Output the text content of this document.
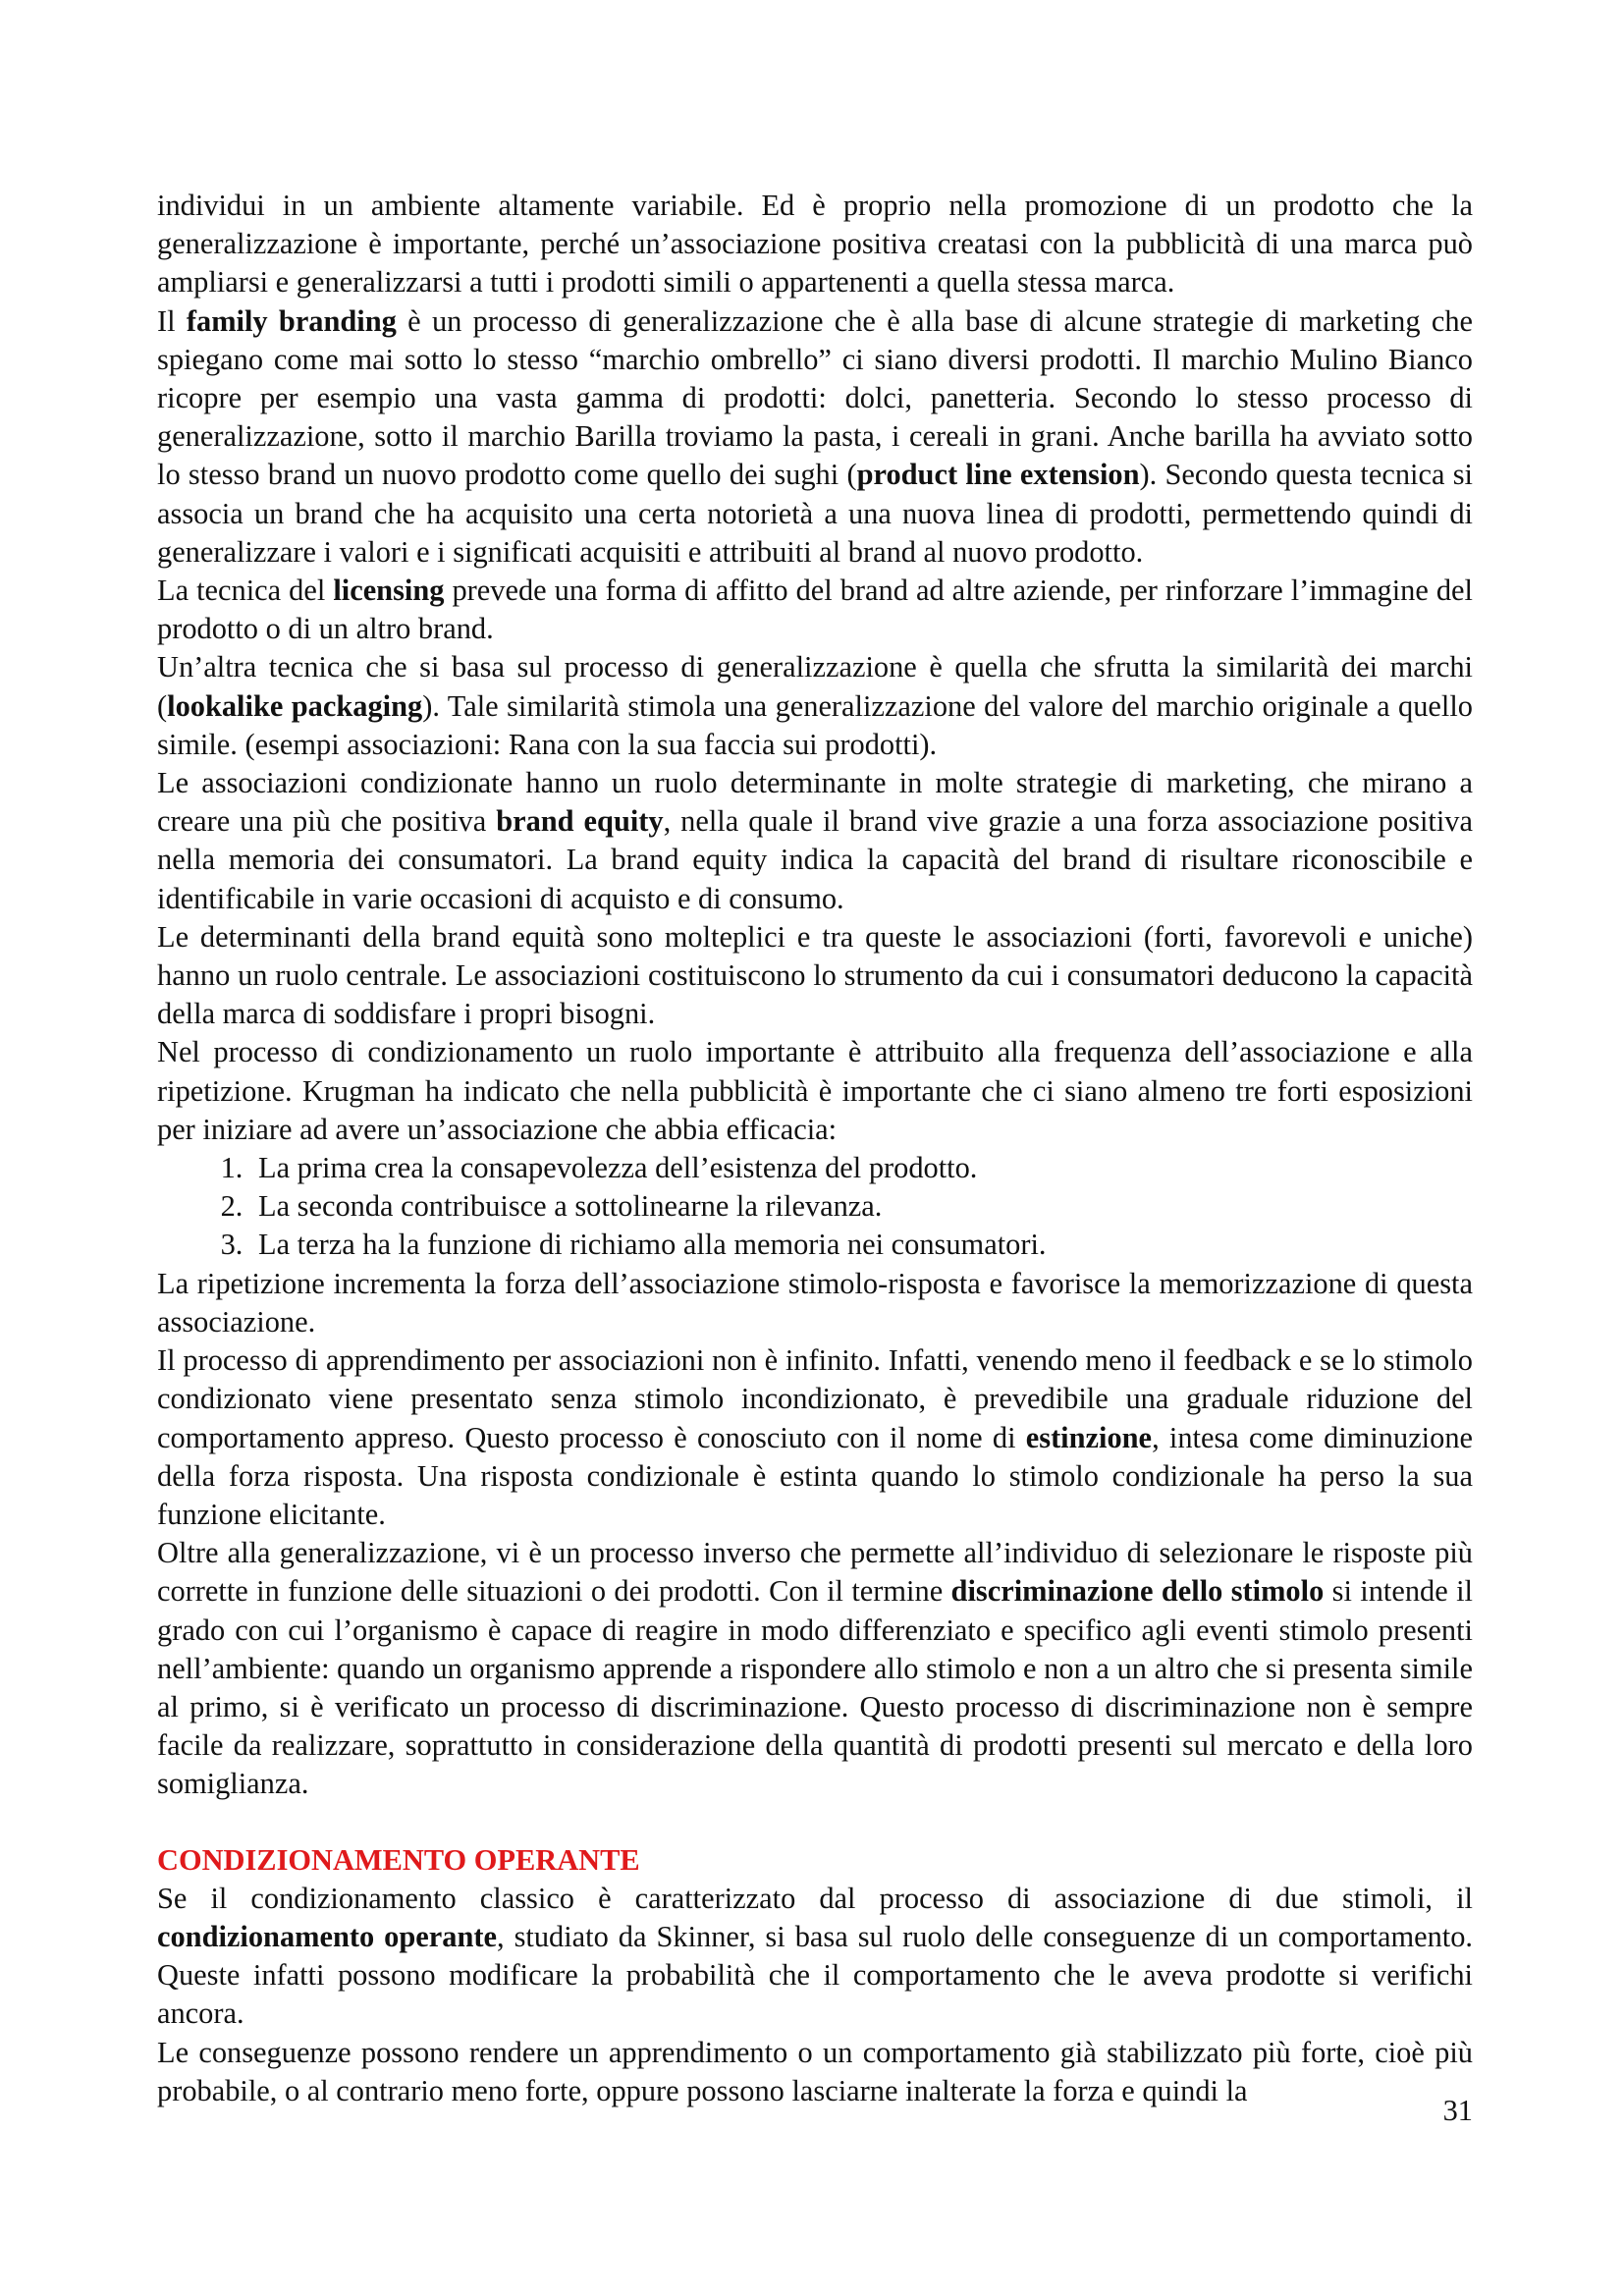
individui in un ambiente altamente variabile. Ed è proprio nella promozione di un prodotto che la generalizzazione è importante, perché un’associazione positiva creatasi con la pubblicità di una marca può ampliarsi e generalizzarsi a tutti i prodotti simili o appartenenti a quella stessa marca.

Il family branding è un processo di generalizzazione che è alla base di alcune strategie di marketing che spiegano come mai sotto lo stesso “marchio ombrello” ci siano diversi prodotti. Il marchio Mulino Bianco ricopre per esempio una vasta gamma di prodotti: dolci, panetteria. Secondo lo stesso processo di generalizzazione, sotto il marchio Barilla troviamo la pasta, i cereali in grani. Anche barilla ha avviato sotto lo stesso brand un nuovo prodotto come quello dei sughi (product line extension). Secondo questa tecnica si associa un brand che ha acquisito una certa notorietà a una nuova linea di prodotti, permettendo quindi di generalizzare i valori e i significati acquisiti e attribuiti al brand al nuovo prodotto.

La tecnica del licensing prevede una forma di affitto del brand ad altre aziende, per rinforzare l’immagine del prodotto o di un altro brand.

Un’altra tecnica che si basa sul processo di generalizzazione è quella che sfrutta la similarità dei marchi (lookalike packaging). Tale similarità stimola una generalizzazione del valore del marchio originale a quello simile. (esempi associazioni: Rana con la sua faccia sui prodotti).

Le associazioni condizionate hanno un ruolo determinante in molte strategie di marketing, che mirano a creare una più che positiva brand equity, nella quale il brand vive grazie a una forza associazione positiva nella memoria dei consumatori. La brand equity indica la capacità del brand di risultare riconoscibile e identificabile in varie occasioni di acquisto e di consumo.

Le determinanti della brand equità sono molteplici e tra queste le associazioni (forti, favorevoli e uniche) hanno un ruolo centrale. Le associazioni costituiscono lo strumento da cui i consumatori deducono la capacità della marca di soddisfare i propri bisogni.

Nel processo di condizionamento un ruolo importante è attribuito alla frequenza dell’associazione e alla ripetizione. Krugman ha indicato che nella pubblicità è importante che ci siano almeno tre forti esposizioni per iniziare ad avere un’associazione che abbia efficacia:

1. La prima crea la consapevolezza dell’esistenza del prodotto.
2. La seconda contribuisce a sottolinearne la rilevanza.
3. La terza ha la funzione di richiamo alla memoria nei consumatori.

La ripetizione incrementa la forza dell’associazione stimolo-risposta e favorisce la memorizzazione di questa associazione.

Il processo di apprendimento per associazioni non è infinito. Infatti, venendo meno il feedback e se lo stimolo condizionato viene presentato senza stimolo incondizionato, è prevedibile una graduale riduzione del comportamento appreso. Questo processo è conosciuto con il nome di estinzione, intesa come diminuzione della forza risposta. Una risposta condizionale è estinta quando lo stimolo condizionale ha perso la sua funzione elicitante.

Oltre alla generalizzazione, vi è un processo inverso che permette all’individuo di selezionare le risposte più corrette in funzione delle situazioni o dei prodotti. Con il termine discriminazione dello stimolo si intende il grado con cui l’organismo è capace di reagire in modo differenziato e specifico agli eventi stimolo presenti nell’ambiente: quando un organismo apprende a rispondere allo stimolo e non a un altro che si presenta simile al primo, si è verificato un processo di discriminazione. Questo processo di discriminazione non è sempre facile da realizzare, soprattutto in considerazione della quantità di prodotti presenti sul mercato e della loro somiglianza.

CONDIZIONAMENTO OPERANTE

Se il condizionamento classico è caratterizzato dal processo di associazione di due stimoli, il condizionamento operante, studiato da Skinner, si basa sul ruolo delle conseguenze di un comportamento. Queste infatti possono modificare la probabilità che il comportamento che le aveva prodotte si verifichi ancora.

Le conseguenze possono rendere un apprendimento o un comportamento già stabilizzato più forte, cioè più probabile, o al contrario meno forte, oppure possono lasciarne inalterate la forza e quindi la

31
